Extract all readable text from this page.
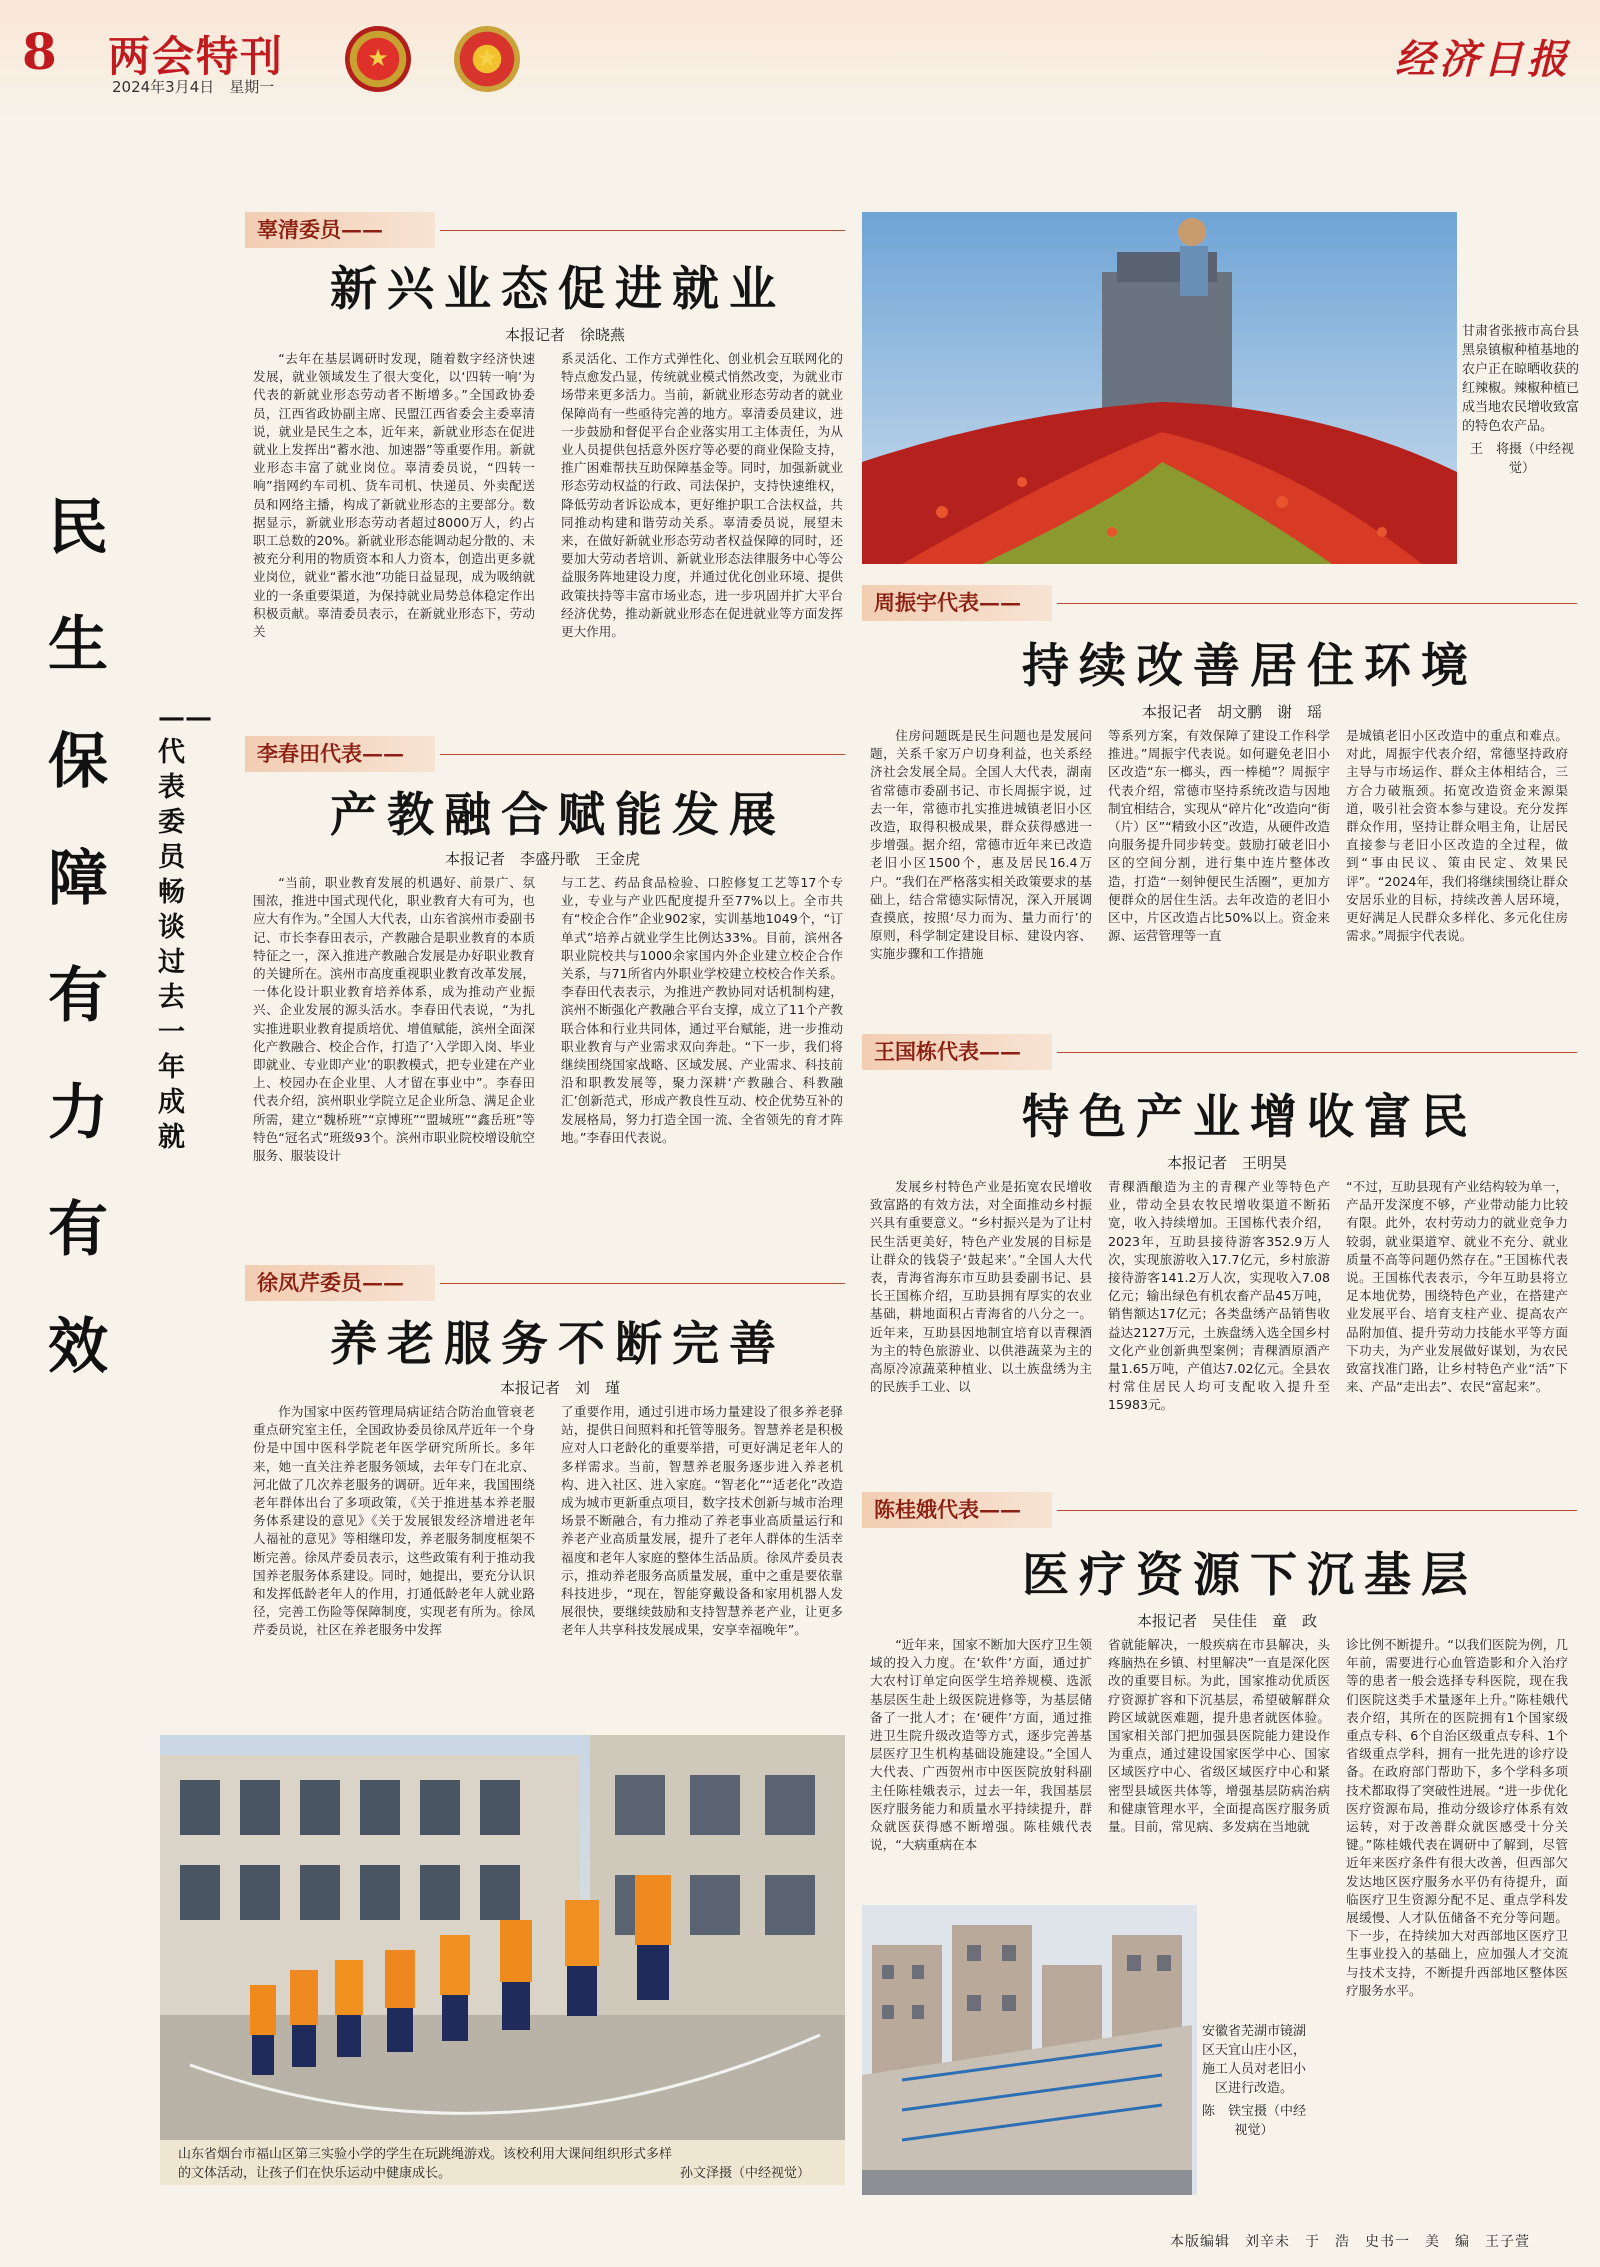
8 两会特刊
2024年3月4日　星期一
★	★	经济日报
民生保障有力有效
——代表委员畅谈过去一年成就
辜清委员——
新兴业态促进就业
本报记者　徐晓燕

“去年在基层调研时发现，随着数字经济快速发展，就业领域发生了很大变化，以‘四转一响’为代表的新就业形态劳动者不断增多。”全国政协委员，江西省政协副主席、民盟江西省委会主委辜清说，就业是民生之本，近年来，新就业形态在促进就业上发挥出“蓄水池、加速器”等重要作用。新就业形态丰富了就业岗位。辜清委员说，“四转一响”指网约车司机、货车司机、快递员、外卖配送员和网络主播，构成了新就业形态的主要部分。数据显示，新就业形态劳动者超过8000万人，约占职工总数的20%。新就业形态能调动起分散的、未被充分利用的物质资本和人力资本，创造出更多就业岗位，就业“蓄水池”功能日益显现，成为吸纳就业的一条重要渠道，为保持就业局势总体稳定作出积极贡献。辜清委员表示，在新就业形态下，劳动关

系灵活化、工作方式弹性化、创业机会互联网化的特点愈发凸显，传统就业模式悄然改变，为就业市场带来更多活力。当前，新就业形态劳动者的就业保障尚有一些亟待完善的地方。辜清委员建议，进一步鼓励和督促平台企业落实用工主体责任，为从业人员提供包括意外医疗等必要的商业保险支持，推广困难帮扶互助保障基金等。同时，加强新就业形态劳动权益的行政、司法保护，支持快速维权，降低劳动者诉讼成本，更好维护职工合法权益，共同推动构建和谐劳动关系。辜清委员说，展望未来，在做好新就业形态劳动者权益保障的同时，还要加大劳动者培训、新就业形态法律服务中心等公益服务阵地建设力度，并通过优化创业环境、提供政策扶持等丰富市场业态，进一步巩固并扩大平台经济优势，推动新就业形态在促进就业等方面发挥更大作用。

李春田代表——
产教融合赋能发展
本报记者　李盛丹歌　王金虎

“当前，职业教育发展的机遇好、前景广、氛围浓，推进中国式现代化，职业教育大有可为，也应大有作为。”全国人大代表，山东省滨州市委副书记、市长李春田表示，产教融合是职业教育的本质特征之一，深入推进产教融合发展是办好职业教育的关键所在。滨州市高度重视职业教育改革发展，一体化设计职业教育培养体系，成为推动产业振兴、企业发展的源头活水。李春田代表说，“为扎实推进职业教育提质培优、增值赋能，滨州全面深化产教融合、校企合作，打造了‘入学即入岗、毕业即就业、专业即产业’的职教模式，把专业建在产业上、校园办在企业里、人才留在事业中”。李春田代表介绍，滨州职业学院立足企业所急、满足企业所需，建立“魏桥班”“京博班”“盟城班”“鑫岳班”等特色“冠名式”班级93个。滨州市职业院校增设航空服务、服装设计

与工艺、药品食品检验、口腔修复工艺等17个专业，专业与产业匹配度提升至77%以上。全市共有“校企合作”企业902家，实训基地1049个，“订单式”培养占就业学生比例达33%。目前，滨州各职业院校共与1000余家国内外企业建立校企合作关系，与71所省内外职业学校建立校校合作关系。李春田代表表示，为推进产教协同对话机制构建，滨州不断强化产教融合平台支撑，成立了11个产教联合体和行业共同体，通过平台赋能，进一步推动职业教育与产业需求双向奔赴。“下一步，我们将继续围绕国家战略、区域发展、产业需求、科技前沿和职教发展等，聚力深耕‘产教融合、科教融汇’创新范式，形成产教良性互动、校企优势互补的发展格局，努力打造全国一流、全省领先的育才阵地。”李春田代表说。

徐凤芹委员——
养老服务不断完善
本报记者　刘　瑾

作为国家中医药管理局病证结合防治血管衰老重点研究室主任，全国政协委员徐凤芹近年一个身份是中国中医科学院老年医学研究所所长。多年来，她一直关注养老服务领域，去年专门在北京、河北做了几次养老服务的调研。近年来，我国围绕老年群体出台了多项政策，《关于推进基本养老服务体系建设的意见》《关于发展银发经济增进老年人福祉的意见》等相继印发，养老服务制度框架不断完善。徐凤芹委员表示，这些政策有利于推动我国养老服务体系建设。同时，她提出，要充分认识和发挥低龄老年人的作用，打通低龄老年人就业路径，完善工伤险等保障制度，实现老有所为。徐凤芹委员说，社区在养老服务中发挥

了重要作用，通过引进市场力量建设了很多养老驿站，提供日间照料和托管等服务。智慧养老是积极应对人口老龄化的重要举措，可更好满足老年人的多样需求。当前，智慧养老服务逐步进入养老机构、进入社区、进入家庭。“智老化”“适老化”改造成为城市更新重点项目，数字技术创新与城市治理场景不断融合，有力推动了养老事业高质量运行和养老产业高质量发展，提升了老年人群体的生活幸福度和老年人家庭的整体生活品质。徐凤芹委员表示，推动养老服务高质量发展，重中之重是要依靠科技进步，“现在，智能穿戴设备和家用机器人发展很快，要继续鼓励和支持智慧养老产业，让更多老年人共享科技发展成果，安享幸福晚年”。

山东省烟台市福山区第三实验小学的学生在玩跳绳游戏。该校利用大课间组织形式多样的文体活动，让孩子们在快乐运动中健康成长。	孙文泽摄（中经视觉）
甘肃省张掖市高台县黑泉镇椒种植基地的农户正在晾晒收获的红辣椒。辣椒种植已成当地农民增收致富的特色农产品。
王　将摄（中经视觉）
周振宇代表——
持续改善居住环境
本报记者　胡文鹏　谢　瑶

住房问题既是民生问题也是发展问题，关系千家万户切身利益，也关系经济社会发展全局。全国人大代表，湖南省常德市委副书记、市长周振宇说，过去一年，常德市扎实推进城镇老旧小区改造，取得积极成果，群众获得感进一步增强。据介绍，常德市近年来已改造老旧小区1500个，惠及居民16.4万户。“我们在严格落实相关政策要求的基础上，结合常德实际情况，深入开展调查摸底，按照‘尽力而为、量力而行’的原则，科学制定建设目标、建设内容、实施步骤和工作措施

等系列方案，有效保障了建设工作科学推进。”周振宇代表说。如何避免老旧小区改造“东一榔头，西一棒槌”？周振宇代表介绍，常德市坚持系统改造与因地制宜相结合，实现从“碎片化”改造向“街（片）区”“精致小区”改造，从硬件改造向服务提升同步转变。鼓励打破老旧小区的空间分割，进行集中连片整体改造，打造“一刻钟便民生活圈”，更加方便群众的居住生活。去年改造的老旧小区中，片区改造占比50%以上。资金来源、运营管理等一直

是城镇老旧小区改造中的重点和难点。对此，周振宇代表介绍，常德坚持政府主导与市场运作、群众主体相结合，三方合力破瓶颈。拓宽改造资金来源渠道，吸引社会资本参与建设。充分发挥群众作用，坚持让群众唱主角，让居民直接参与老旧小区改造的全过程，做到“事由民议、策由民定、效果民评”。“2024年，我们将继续围绕让群众安居乐业的目标，持续改善人居环境，更好满足人民群众多样化、多元化住房需求。”周振宇代表说。

王国栋代表——
特色产业增收富民
本报记者　王明昊

发展乡村特色产业是拓宽农民增收致富路的有效方法，对全面推动乡村振兴具有重要意义。“乡村振兴是为了让村民生活更美好，特色产业发展的目标是让群众的钱袋子‘鼓起来’。”全国人大代表，青海省海东市互助县委副书记、县长王国栋介绍，互助县拥有厚实的农业基础，耕地面积占青海省的八分之一。近年来，互助县因地制宜培育以青稞酒为主的特色旅游业、以供港蔬菜为主的高原冷凉蔬菜种植业、以土族盘绣为主的民族手工业、以

青稞酒酿造为主的青稞产业等特色产业，带动全县农牧民增收渠道不断拓宽，收入持续增加。王国栋代表介绍，2023年，互助县接待游客352.9万人次，实现旅游收入17.7亿元，乡村旅游接待游客141.2万人次，实现收入7.08亿元；输出绿色有机农畜产品45万吨，销售额达17亿元；各类盘绣产品销售收益达2127万元，土族盘绣入选全国乡村文化产业创新典型案例；青稞酒原酒产量1.65万吨，产值达7.02亿元。全县农村常住居民人均可支配收入提升至15983元。

“不过，互助县现有产业结构较为单一，产品开发深度不够，产业带动能力比较有限。此外，农村劳动力的就业竞争力较弱，就业渠道窄、就业不充分、就业质量不高等问题仍然存在。”王国栋代表说。王国栋代表表示，今年互助县将立足本地优势，围绕特色产业，在搭建产业发展平台、培育支柱产业、提高农产品附加值、提升劳动力技能水平等方面下功夫，为产业发展做好谋划，为农民致富找准门路，让乡村特色产业“活”下来、产品“走出去”、农民“富起来”。

陈桂娥代表——
医疗资源下沉基层
本报记者　吴佳佳　童　政

“近年来，国家不断加大医疗卫生领域的投入力度。在‘软件’方面，通过扩大农村订单定向医学生培养规模、选派基层医生赴上级医院进修等，为基层储备了一批人才；在‘硬件’方面，通过推进卫生院升级改造等方式，逐步完善基层医疗卫生机构基础设施建设。”全国人大代表、广西贺州市中医医院放射科副主任陈桂娥表示，过去一年，我国基层医疗服务能力和质量水平持续提升，群众就医获得感不断增强。陈桂娥代表说，“大病重病在本

省就能解决，一般疾病在市县解决，头疼脑热在乡镇、村里解决”一直是深化医改的重要目标。为此，国家推动优质医疗资源扩容和下沉基层，希望破解群众跨区域就医难题，提升患者就医体验。国家相关部门把加强县医院能力建设作为重点，通过建设国家医学中心、国家区域医疗中心、省级区域医疗中心和紧密型县域医共体等，增强基层防病治病和健康管理水平，全面提高医疗服务质量。目前，常见病、多发病在当地就

诊比例不断提升。“以我们医院为例，几年前，需要进行心血管造影和介入治疗等的患者一般会选择专科医院，现在我们医院这类手术量逐年上升。”陈桂娥代表介绍，其所在的医院拥有1个国家级重点专科、6个自治区级重点专科、1个省级重点学科，拥有一批先进的诊疗设备。在政府部门帮助下，多个学科多项技术都取得了突破性进展。“进一步优化医疗资源布局，推动分级诊疗体系有效运转，对于改善群众就医感受十分关键。”陈桂娥代表在调研中了解到，尽管近年来医疗条件有很大改善，但西部欠发达地区医疗服务水平仍有待提升，面临医疗卫生资源分配不足、重点学科发展缓慢、人才队伍储备不充分等问题。下一步，在持续加大对西部地区医疗卫生事业投入的基础上，应加强人才交流与技术支持，不断提升西部地区整体医疗服务水平。

安徽省芜湖市镜湖区天宜山庄小区，施工人员对老旧小区进行改造。
陈　铁宝摄（中经视觉）
本版编辑　刘辛未　于　浩　史书一　美　编　王子萱
